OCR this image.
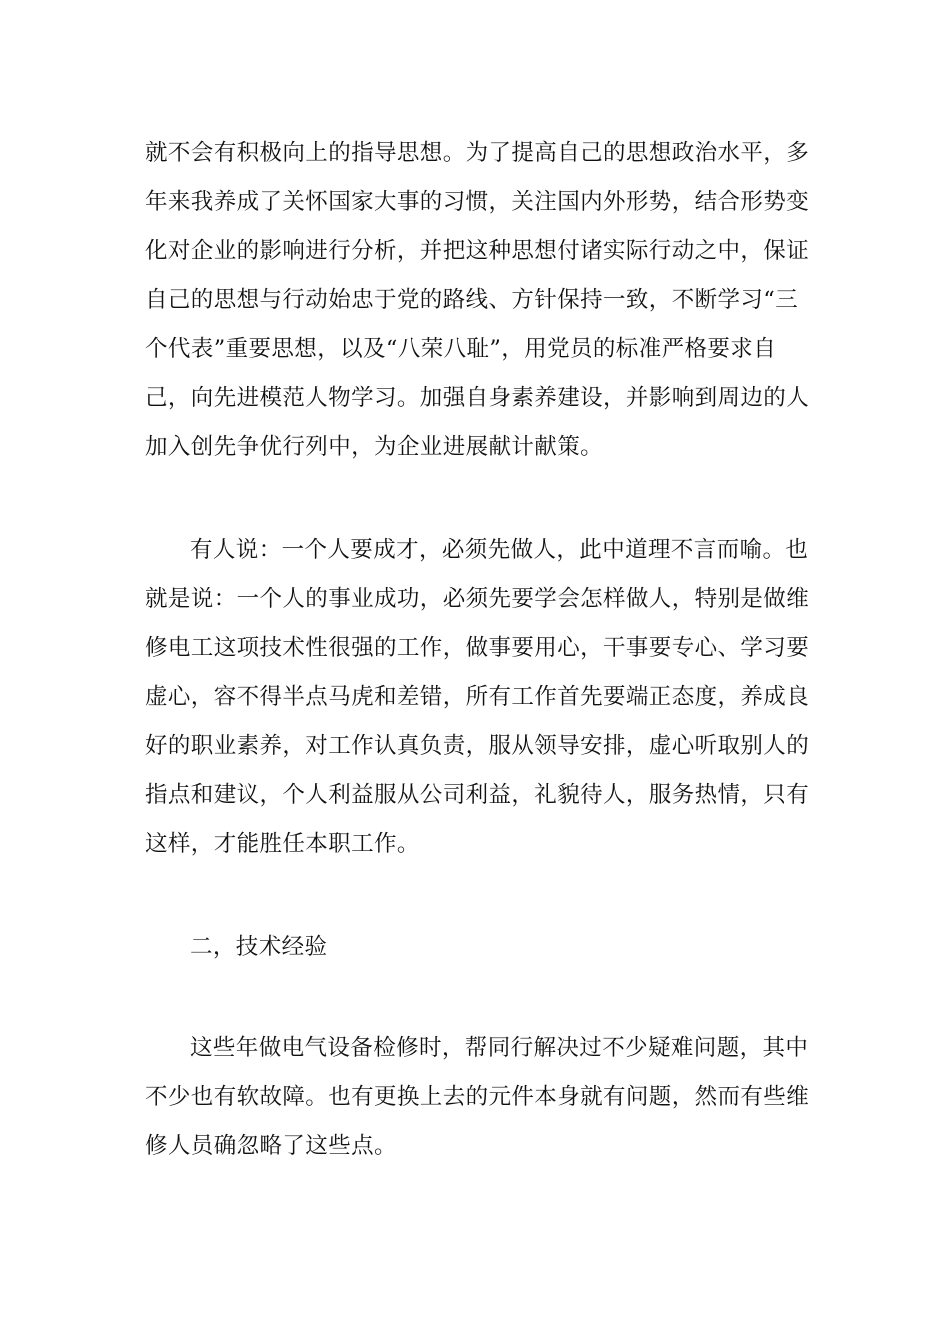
就不会有积极向上的指导思想。为了提高自己的思想政治水平，多
年来我养成了关怀国家大事的习惯，关注国内外形势，结合形势变
化对企业的影响进行分析，并把这种思想付诸实际行动之中，保证
自己的思想与行动始忠于党的路线、方针保持一致，不断学习“三
个代表”重要思想，以及“八荣八耻”，用党员的标准严格要求自
己，向先进模范人物学习。加强自身素养建设，并影响到周边的人
加入创先争优行列中，为企业进展献计献策。
有人说：一个人要成才，必须先做人，此中道理不言而喻。也
就是说：一个人的事业成功，必须先要学会怎样做人，特别是做维
修电工这项技术性很强的工作，做事要用心，干事要专心、学习要
虚心，容不得半点马虎和差错，所有工作首先要端正态度，养成良
好的职业素养，对工作认真负责，服从领导安排，虚心听取别人的
指点和建议，个人利益服从公司利益，礼貌待人，服务热情，只有
这样，才能胜任本职工作。
二，技术经验
这些年做电气设备检修时，帮同行解决过不少疑难问题，其中
不少也有软故障。也有更换上去的元件本身就有问题，然而有些维
修人员确忽略了这些点。
